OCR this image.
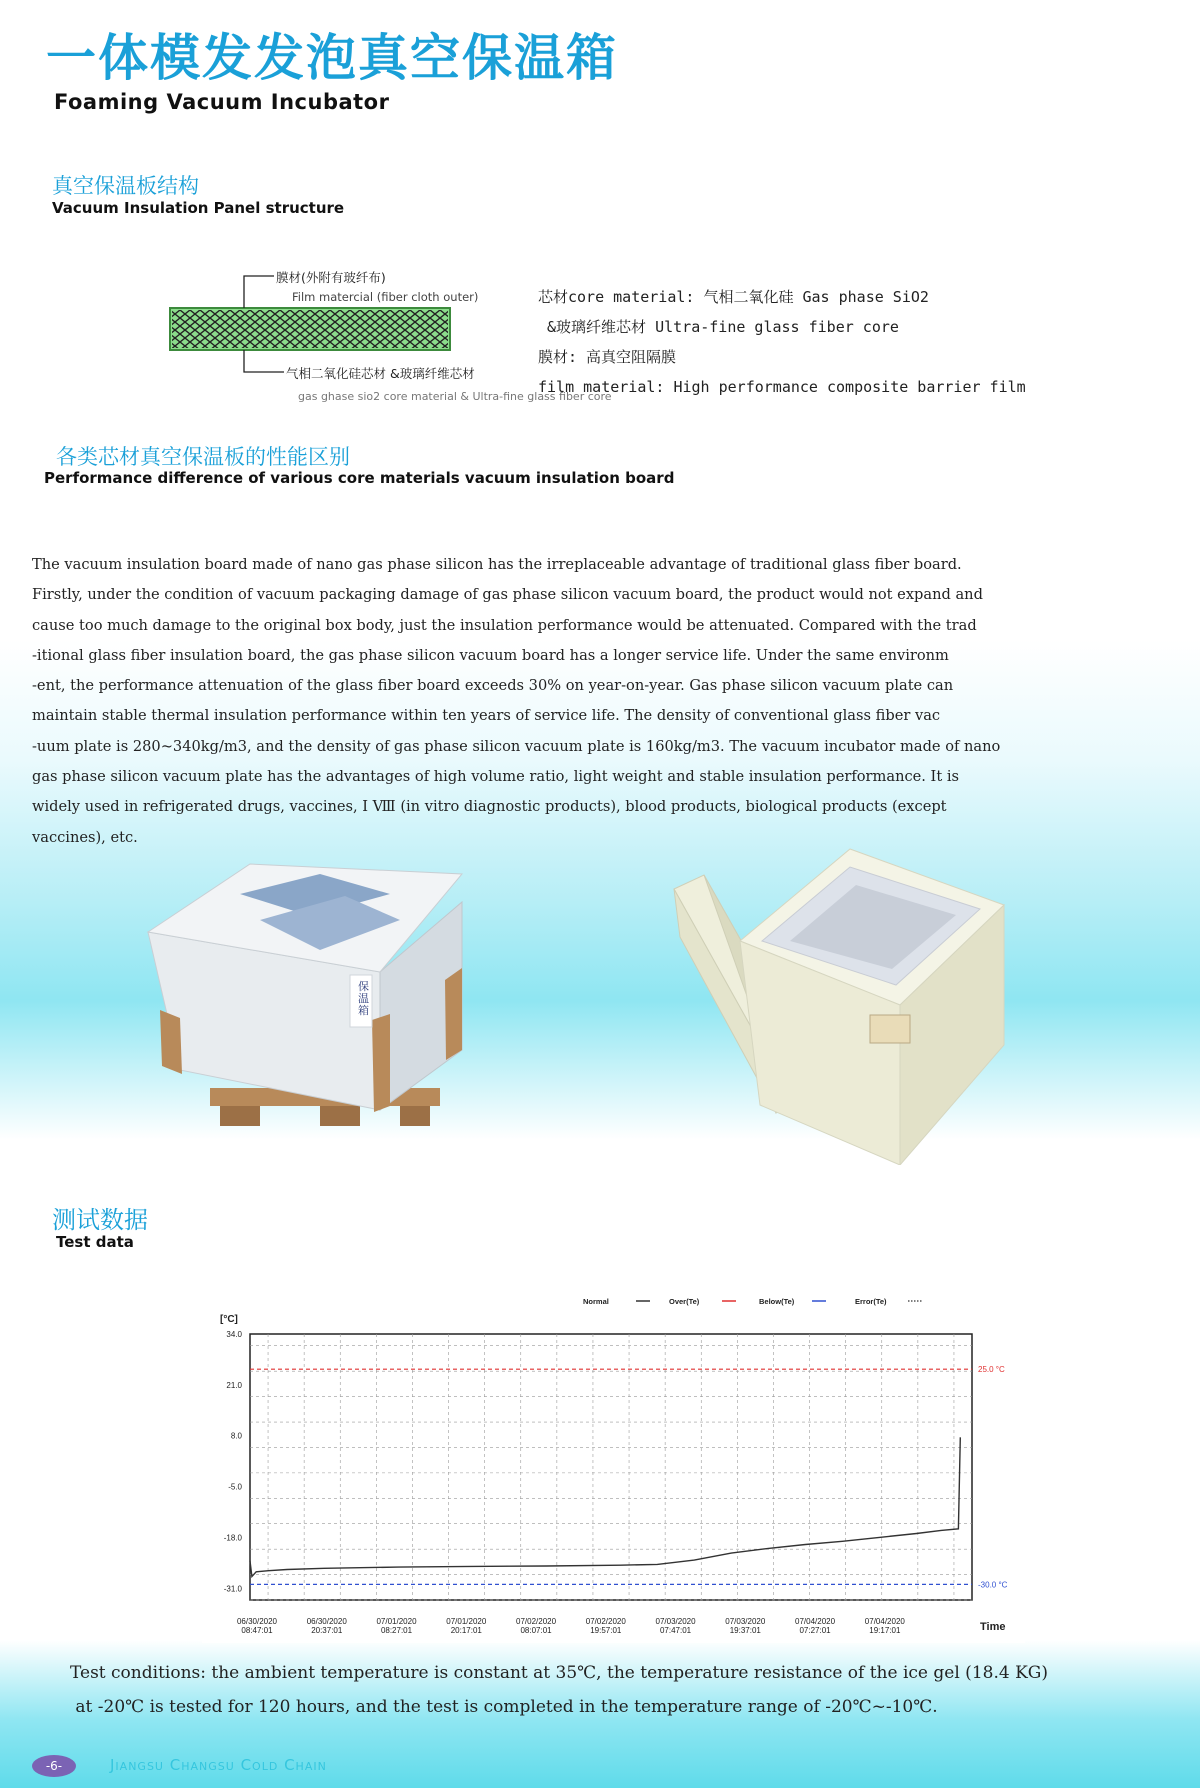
一体模发发泡真空保温箱
Foaming Vacuum Incubator
真空保温板结构
Vacuum Insulation Panel structure
膜材(外附有玻纤布)
Film matercial (fiber cloth outer)
气相二氧化硅芯材 &玻璃纤维芯材
gas ghase sio2 core material & Ultra-fine glass fiber core
芯材core material: 气相二氧化硅 Gas phase SiO2
&玻璃纤维芯材 Ultra-fine glass fiber core
膜材: 高真空阻隔膜
film material: High performance composite barrier film
各类芯材真空保温板的性能区别
Performance difference of various core materials vacuum insulation board

The vacuum insulation board made of nano gas phase silicon has the irreplaceable advantage of traditional glass fiber board.

Firstly, under the condition of vacuum packaging damage of gas phase silicon vacuum board, the product would not expand and

cause too much damage to the original box body, just the insulation performance would be attenuated. Compared with the trad

-itional glass fiber insulation board, the gas phase silicon vacuum board has a longer service life. Under the same environm

-ent, the performance attenuation of the glass fiber board exceeds 30% on year-on-year. Gas phase silicon vacuum plate can

maintain stable thermal insulation performance within ten years of service life. The density of conventional glass fiber vac

-uum plate is 280~340kg/m3, and the density of gas phase silicon vacuum plate is 160kg/m3. The vacuum incubator made of nano

gas phase silicon vacuum plate has the advantages of high volume ratio, light weight and stable insulation performance. It is

widely used in refrigerated drugs, vaccines, I Ⅷ (in vitro diagnostic products), blood products, biological products (except

vaccines), etc.

保温箱
测试数据
Test data
Normal	Over(Te)	Below(Te)	Error(Te)
[°C]
34.0
21.0
8.0
-5.0
-18.0
-31.0
06/30/2020
08:47:01
06/30/2020
20:37:01
07/01/2020
08:27:01
07/01/2020
20:17:01
07/02/2020
08:07:01
07/02/2020
19:57:01
07/03/2020
07:47:01
07/03/2020
19:37:01
07/04/2020
07:27:01
07/04/2020
19:17:01	Time
25.0 °C
-30.0 °C

Test conditions: the ambient temperature is constant at 35℃, the temperature resistance of the ice gel (18.4 KG)

at -20℃ is tested for 120 hours, and the test is completed in the temperature range of -20℃~-10℃.

-6-	Jiangsu Changsu Cold Chain
